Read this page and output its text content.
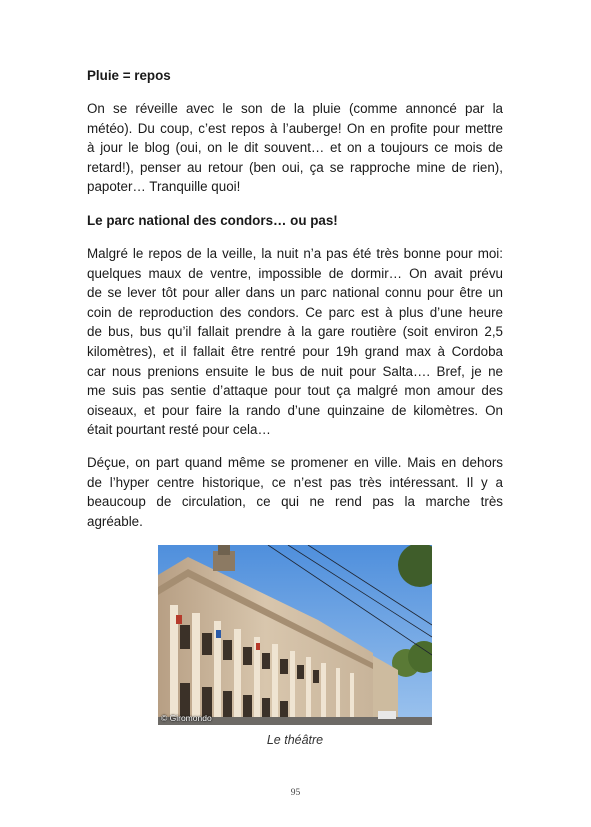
Pluie = repos

On se réveille avec le son de la pluie (comme annoncé par la
météo). Du coup, c’est repos à l’auberge! On en profite pour mettre
à jour le blog (oui, on le dit souvent… et on a toujours ce mois de
retard!), penser au retour (ben oui, ça se rapproche mine de rien),
papoter… Tranquille quoi!

Le parc national des condors… ou pas!

Malgré le repos de la veille, la nuit n’a pas été très bonne pour moi:
quelques maux de ventre, impossible de dormir… On avait prévu
de se lever tôt pour aller dans un parc national connu pour être un
coin de reproduction des condors. Ce parc est à plus d’une heure
de bus, bus qu’il fallait prendre à la gare routière (soit environ 2,5
kilomètres), et il fallait être rentré pour 19h grand max à Cordoba
car nous prenions ensuite le bus de nuit pour Salta…. Bref, je ne
me suis pas sentie d’attaque pour tout ça malgré mon amour des
oiseaux, et pour faire la rando d’une quinzaine de kilomètres. On
était pourtant resté pour cela…

Déçue, on part quand même se promener en ville. Mais en dehors
de l’hyper centre historique, ce n’est pas très intéressant. Il y a
beaucoup de circulation, ce qui ne rend pas la marche très
agréable.

© Giromondo
Le théâtre
95
